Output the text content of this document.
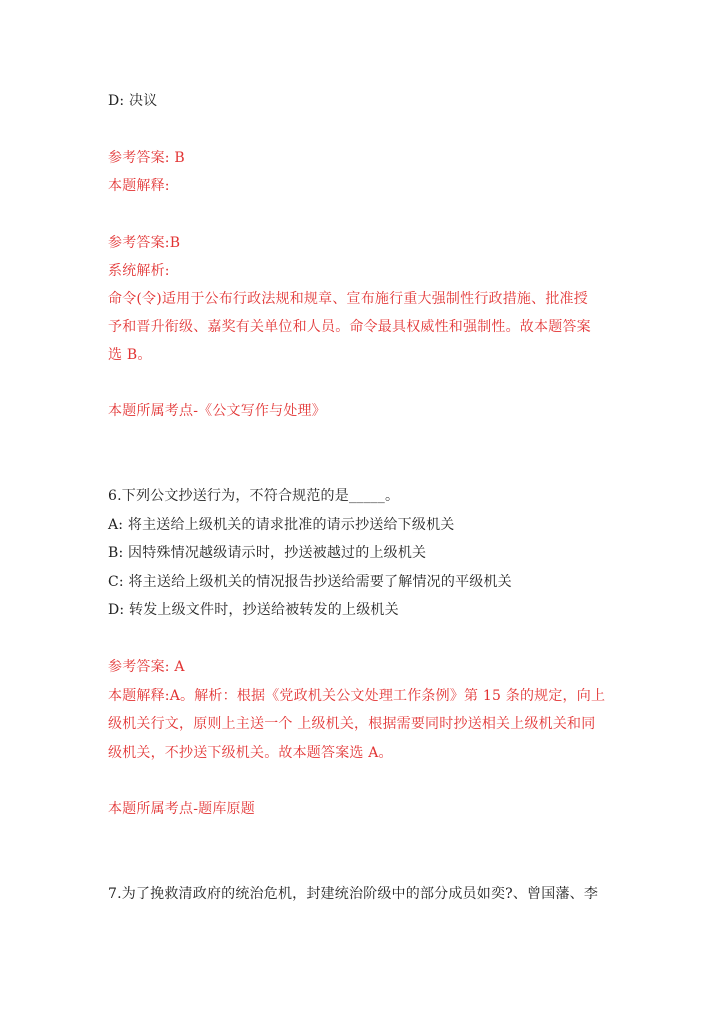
D: 决议
参考答案: B
本题解释:
参考答案:B
系统解析:
命令(令)适用于公布行政法规和规章、宣布施行重大强制性行政措施、批准授
予和晋升衔级、嘉奖有关单位和人员。命令最具权威性和强制性。故本题答案
选 B。
本题所属考点-《公文写作与处理》
6.下列公文抄送行为，不符合规范的是_____。
A: 将主送给上级机关的请求批准的请示抄送给下级机关
B: 因特殊情况越级请示时，抄送被越过的上级机关
C: 将主送给上级机关的情况报告抄送给需要了解情况的平级机关
D: 转发上级文件时，抄送给被转发的上级机关
参考答案: A
本题解释:A。解析：根据《党政机关公文处理工作条例》第 15 条的规定，向上
级机关行文，原则上主送一个 上级机关，根据需要同时抄送相关上级机关和同
级机关，不抄送下级机关。故本题答案选 A。
本题所属考点-题库原题
7.为了挽救清政府的统治危机，封建统治阶级中的部分成员如奕?、曾国藩、李
